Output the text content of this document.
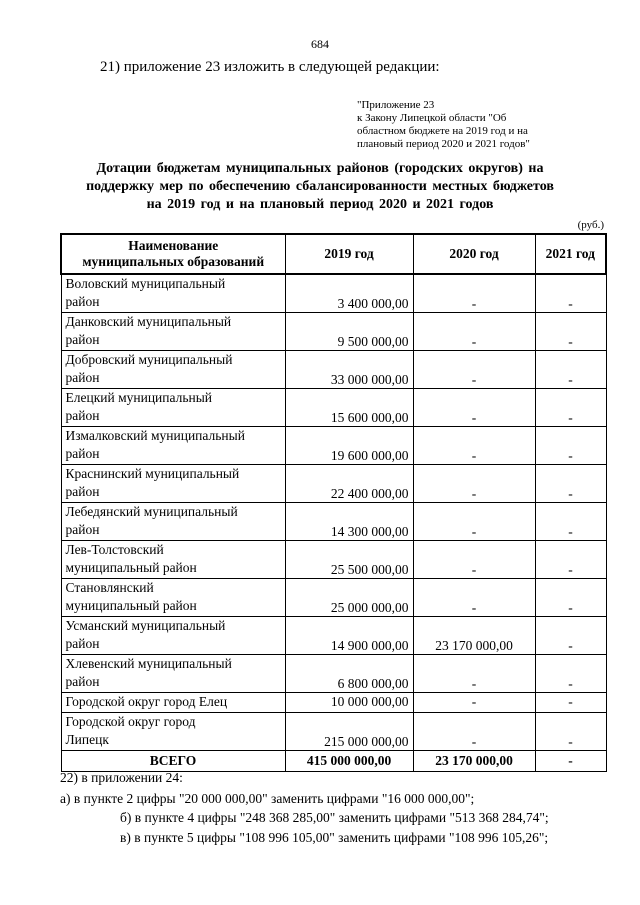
684
21) приложение 23 изложить в следующей редакции:
"Приложение 23
к Закону Липецкой области "Об
областном бюджете на 2019 год и на
плановый период 2020 и 2021 годов"
Дотации бюджетам муниципальных районов (городских округов) на
поддержку мер по обеспечению сбалансированности местных бюджетов
на 2019 год и на плановый период 2020 и 2021 годов
(руб.)
Наименование
муниципальных образований	2019 год	2020 год	2021 год

Воловский муниципальный
район	3 400 000,00	-	-

Данковский муниципальный
район	9 500 000,00	-	-

Добровский муниципальный
район	33 000 000,00	-	-

Елецкий муниципальный
район	15 600 000,00	-	-

Измалковский муниципальный
район	19 600 000,00	-	-

Краснинский муниципальный
район	22 400 000,00	-	-

Лебедянский муниципальный
район	14 300 000,00	-	-

Лев-Толстовский
муниципальный район	25 500 000,00	-	-

Становлянский
муниципальный район	25 000 000,00	-	-

Усманский муниципальный
район	14 900 000,00	23 170 000,00	-

Хлевенский муниципальный
район	6 800 000,00	-	-

Городской округ город Елец	10 000 000,00	-	-

Городской округ город
Липецк	215 000 000,00	-	-
ВСЕГО	415 000 000,00	23 170 000,00	-
22) в приложении 24:
а) в пункте 2 цифры "20 000 000,00" заменить цифрами "16 000 000,00";
б) в пункте 4 цифры "248 368 285,00" заменить цифрами "513 368 284,74";
в) в пункте 5 цифры "108 996 105,00" заменить цифрами "108 996 105,26";
